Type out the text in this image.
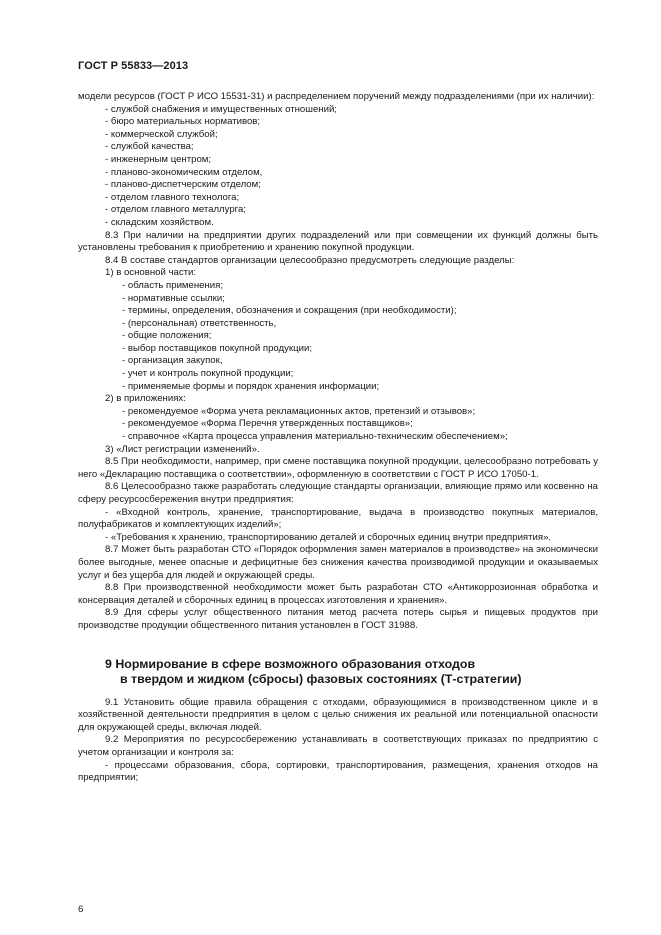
ГОСТ Р 55833—2013

модели ресурсов (ГОСТ Р ИСО 15531-31) и распределением поручений между подразделениями (при их наличии):

- службой снабжения и имущественных отношений;

- бюро материальных нормативов;

- коммерческой службой;

- службой качества;

- инженерным центром;

- планово-экономическим отделом,

- планово-диспетчерским отделом;

- отделом главного технолога;

- отделом главного металлурга;

- складским хозяйством.

8.3 При наличии на предприятии других подразделений или при совмещении их функций должны быть установлены требования к приобретению и хранению покупной продукции.

8.4 В составе стандартов организации целесообразно предусмотреть следующие разделы:

1) в основной части:

- область применения;

- нормативные ссылки;

- термины, определения, обозначения и сокращения (при необходимости);

- (персональная) ответственность,

- общие положения;

- выбор поставщиков покупной продукции;

- организация закупок,

- учет и контроль покупной продукции;

- применяемые формы и порядок хранения информации;

2) в приложениях:

- рекомендуемое «Форма учета рекламационных актов, претензий и отзывов»;

- рекомендуемое «Форма Перечня утвержденных поставщиков»;

- справочное «Карта процесса управления материально-техническим обеспечением»;

3) «Лист регистрации изменений».

8.5 При необходимости, например, при смене поставщика покупной продукции, целесообразно потребовать у него «Декларацию поставщика о соответствии», оформленную в соответствии с ГОСТ Р ИСО 17050-1.

8.6 Целесообразно также разработать следующие стандарты организации, влияющие прямо или косвенно на сферу ресурсосбережения внутри предприятия:

- «Входной контроль, хранение, транспортирование, выдача в производство покупных материалов, полуфабрикатов и комплектующих изделий»;

- «Требования к хранению, транспортированию деталей и сборочных единиц внутри предприятия».

8.7 Может быть разработан СТО «Порядок оформления замен материалов в производстве» на экономически более выгодные, менее опасные и дефицитные без снижения качества производимой продукции и оказываемых услуг и без ущерба для людей и окружающей среды.

8.8 При производственной необходимости может быть разработан СТО «Антикоррозионная обработка и консервация деталей и сборочных единиц в процессах изготовления и хранения».

8.9 Для сферы услуг общественного питания метод расчета потерь сырья и пищевых продуктов при производстве продукции общественного питания установлен в ГОСТ 31988.

9 Нормирование в сфере возможного образования отходов
в твердом и жидком (сбросы) фазовых состояниях (Т-стратегии)

9.1 Установить общие правила обращения с отходами, образующимися в производственном цикле и в хозяйственной деятельности предприятия в целом с целью снижения их реальной или потенциальной опасности для окружающей среды, включая людей.

9.2 Мероприятия по ресурсосбережению устанавливать в соответствующих приказах по предприятию с учетом организации и контроля за:

- процессами образования, сбора, сортировки, транспортирования, размещения, хранения отходов на предприятии;

6
